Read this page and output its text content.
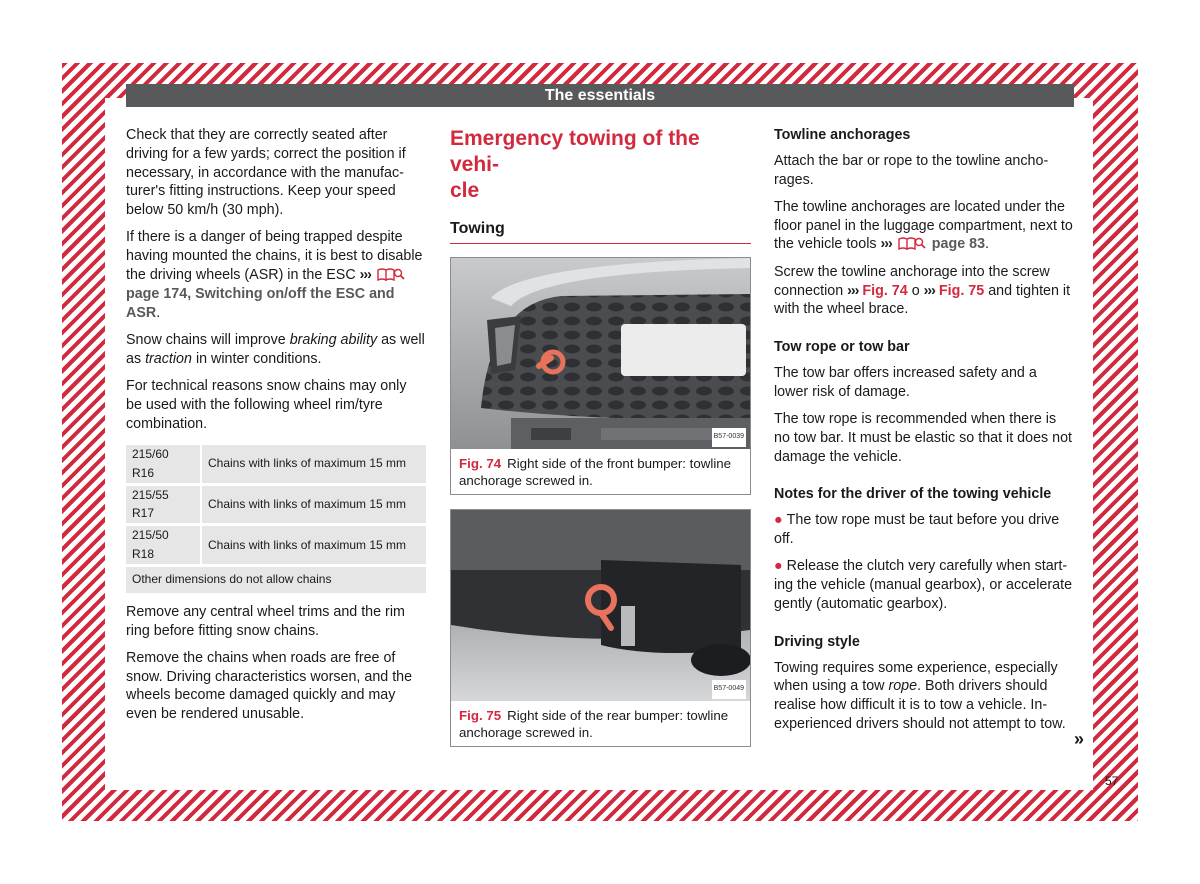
The essentials

Check that they are correctly seated after driving for a few yards; correct the position if necessary, in accordance with the manufacturer's fitting instructions. Keep your speed below 50 km/h (30 mph).

If there is a danger of being trapped despite having mounted the chains, it is best to disable the driving wheels (ASR) in the ESC ›››  page 174, Switching on/off the ESC and ASR.

Snow chains will improve braking ability as well as traction in winter conditions.

For technical reasons snow chains may only be used with the following wheel rim/tyre combination.

215/60 R16	Chains with links of maximum 15 mm
215/55 R17	Chains with links of maximum 15 mm
215/50 R18	Chains with links of maximum 15 mm
Other dimensions do not allow chains	

Remove any central wheel trims and the rim ring before fitting snow chains.

Remove the chains when roads are free of snow. Driving characteristics worsen, and the wheels become damaged quickly and may even be rendered unusable.

Emergency towing of the vehi-
cle
Towing
B57-0039
Fig. 74 Right side of the front bumper: towline anchorage screwed in.
B57-0049
Fig. 75 Right side of the rear bumper: towline anchorage screwed in.
Towline anchorages

Attach the bar or rope to the towline anchorages.

The towline anchorages are located under the floor panel in the luggage compartment, next to the vehicle tools ›››	page 83.

Screw the towline anchorage into the screw connection ››› Fig. 74 o ››› Fig. 75 and tighten it with the wheel brace.

Tow rope or tow bar

The tow bar offers increased safety and a lower risk of damage.

The tow rope is recommended when there is no tow bar. It must be elastic so that it does not damage the vehicle.

Notes for the driver of the towing vehicle

● The tow rope must be taut before you drive off.

● Release the clutch very carefully when starting the vehicle (manual gearbox), or accelerate gently (automatic gearbox).

Driving style

Towing requires some experience, especially when using a tow rope. Both drivers should realise how difficult it is to tow a vehicle. Inexperienced drivers should not attempt to tow.

»
57
